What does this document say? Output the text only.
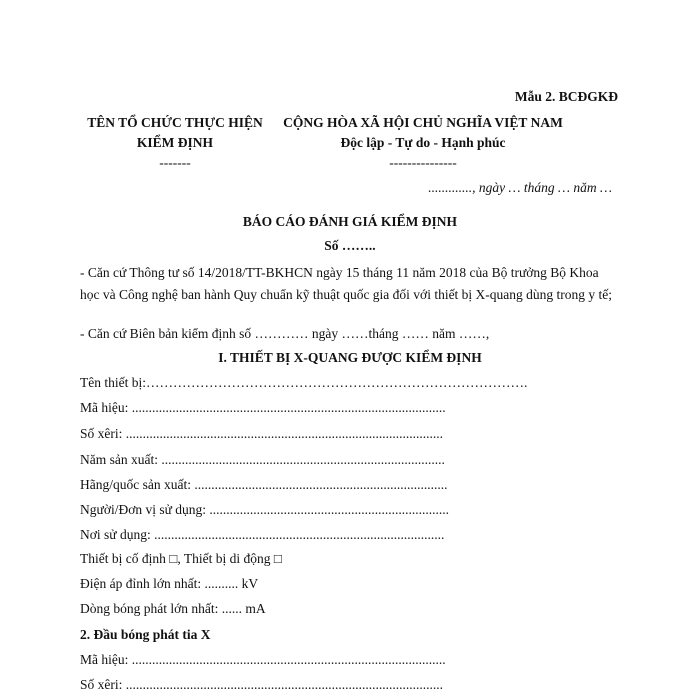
Mẫu 2. BCĐGKĐ
TÊN TỔ CHỨC THỰC HIỆN
KIỂM ĐỊNH
-------
CỘNG HÒA XÃ HỘI CHỦ NGHĨA VIỆT NAM
Độc lập - Tự do - Hạnh phúc
---------------
............., ngày … tháng … năm …
BÁO CÁO ĐÁNH GIÁ KIỂM ĐỊNH
Số ……..
- Căn cứ Thông tư số 14/2018/TT-BKHCN ngày 15 tháng 11 năm 2018 của Bộ trưởng Bộ Khoa học và Công nghệ ban hành Quy chuẩn kỹ thuật quốc gia đối với thiết bị X-quang dùng trong y tế;
- Căn cứ Biên bản kiểm định số ………… ngày ……tháng …… năm ……,
I. THIẾT BỊ X-QUANG ĐƯỢC KIỂM ĐỊNH
Tên thiết bị:………………………………………………………………………….
Mã hiệu: .............................................................................................
Số xêri: ..............................................................................................
Năm sản xuất: ....................................................................................
Hãng/quốc sản xuất: ...........................................................................
Người/Đơn vị sử dụng: .......................................................................
Nơi sử dụng: ......................................................................................
Thiết bị cố định □, Thiết bị di động □
Điện áp đỉnh lớn nhất: .......... kV
Dòng bóng phát lớn nhất: ...... mA
2. Đầu bóng phát tia X
Mã hiệu: .............................................................................................
Số xêri: ..............................................................................................
